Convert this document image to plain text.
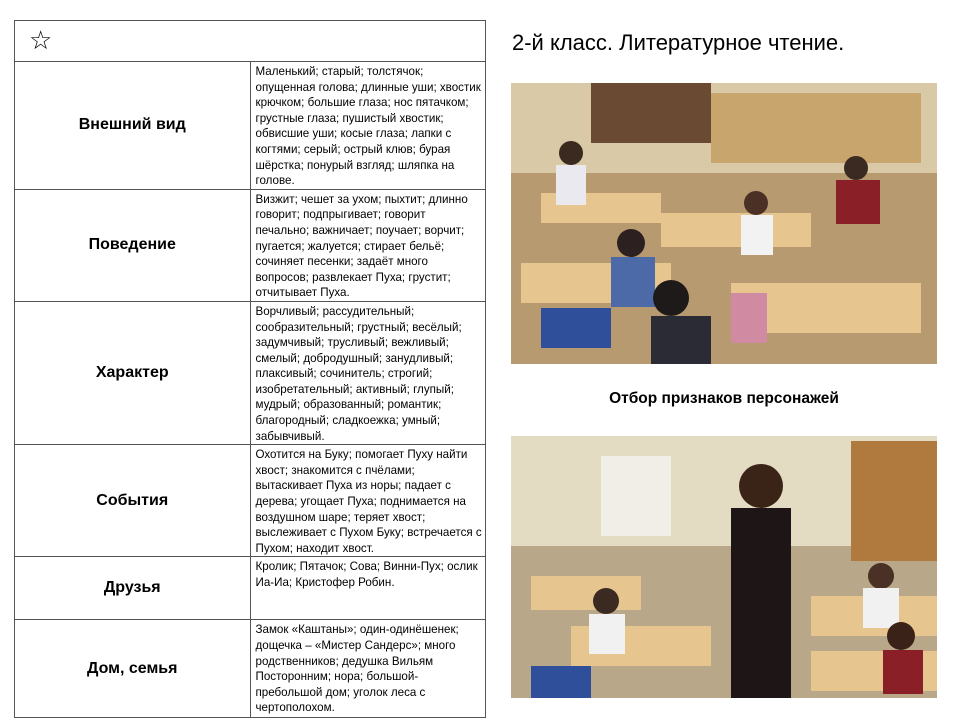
☆	
Внешний вид	Маленький; старый; толстячок; опущенная голова; длинные уши; хвостик крючком; большие глаза; нос пятачком; грустные глаза; пушистый хвостик; обвисшие уши; косые глаза; лапки с когтями; серый; острый клюв; бурая шёрстка; понурый взгляд; шляпка на голове.
Поведение	Визжит; чешет за ухом; пыхтит; длинно говорит; подпрыгивает; говорит печально; важничает; поучает; ворчит; пугается; жалуется; стирает бельё; сочиняет песенки; задаёт много вопросов; развлекает Пуха; грустит; отчитывает Пуха.
Характер	Ворчливый; рассудительный; сообразительный; грустный; весёлый; задумчивый; трусливый; вежливый; смелый; добродушный; занудливый; плаксивый; сочинитель; строгий; изобретательный; активный; глупый; мудрый; образованный; романтик; благородный; сладкоежка; умный; забывчивый.
События	Охотится на Буку; помогает Пуху найти хвост; знакомится с пчёлами; вытаскивает Пуха из норы; падает с дерева; угощает Пуха; поднимается на воздушном шаре; теряет хвост; выслеживает с Пухом Буку; встречается с Пухом; находит хвост.
Друзья	Кролик; Пятачок; Сова; Винни-Пух; ослик Иа-Иа; Кристофер Робин.
Дом, семья	Замок «Каштаны»; один-одинёшенек; дощечка – «Мистер Сандерс»; много родственников; дедушка Вильям Посторонним; нора; большой-пребольшой дом; уголок леса с чертополохом.
2-й класс. Литературное чтение.
Отбор признаков персонажей
